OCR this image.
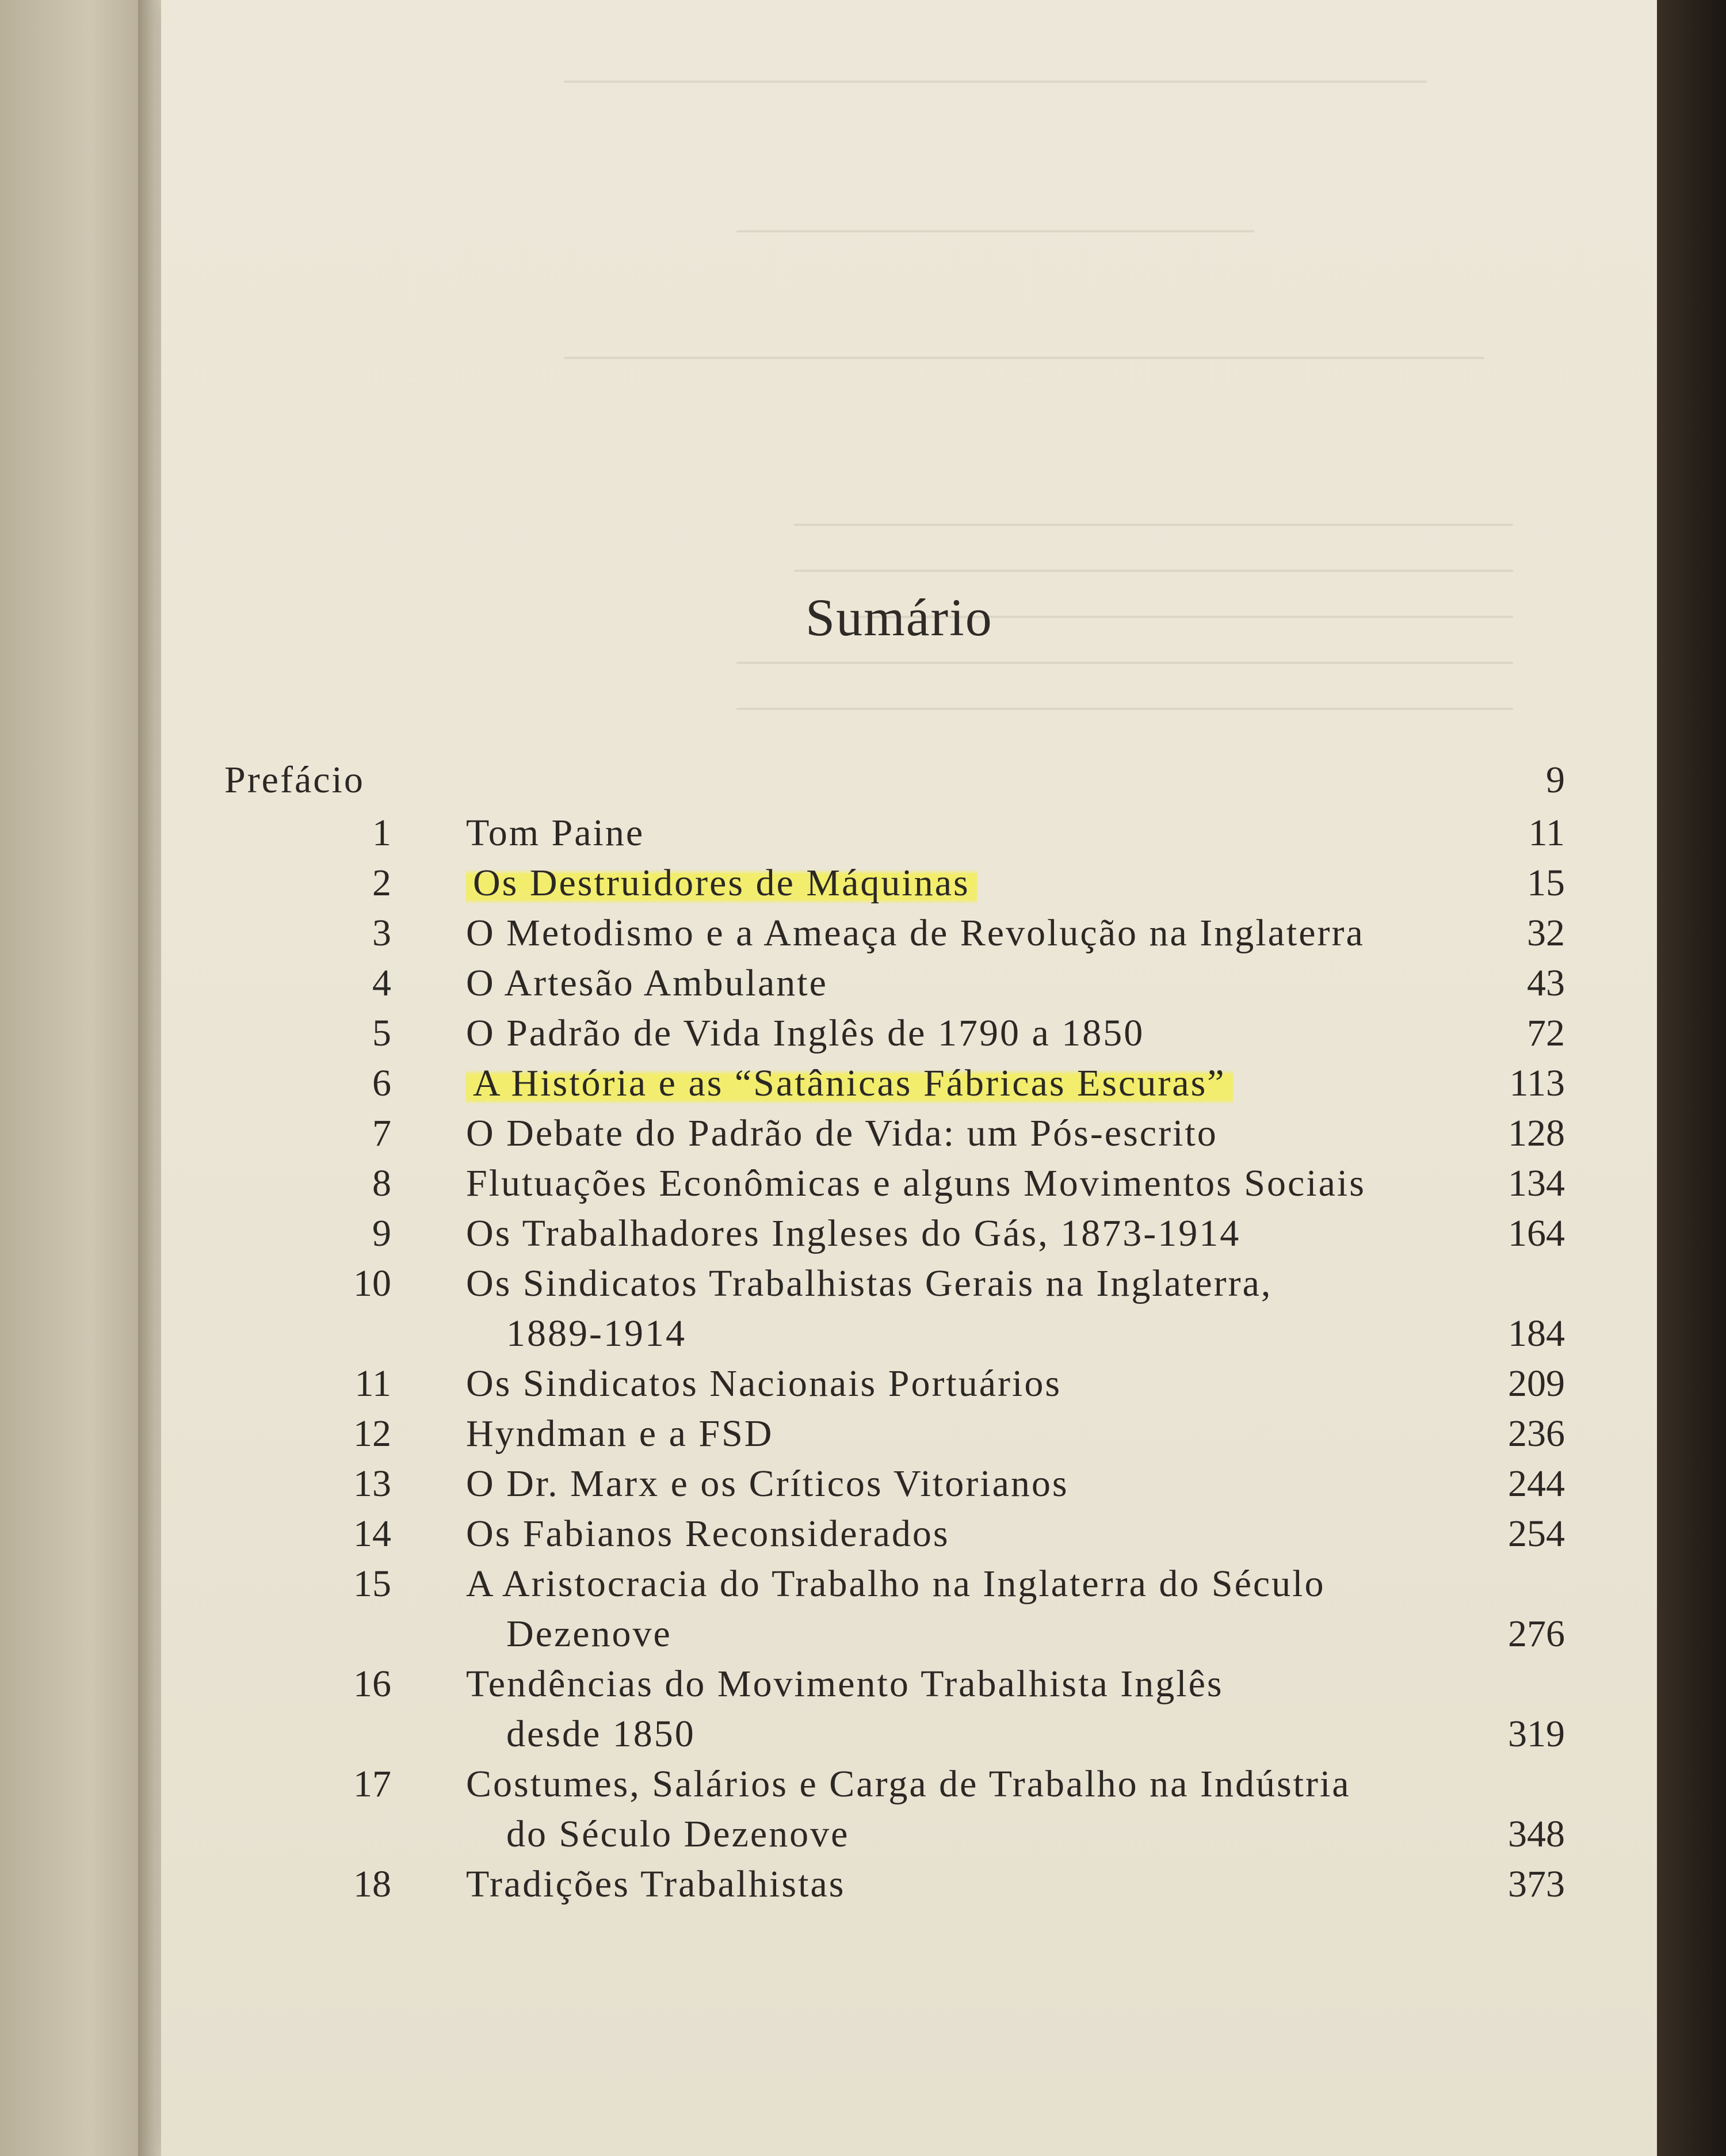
Sumário
Prefácio	9
1 Tom Paine	11
2 Os Destruidores de Máquinas	15
3 O Metodismo e a Ameaça de Revolução na Inglaterra	32
4 O Artesão Ambulante	43
5 O Padrão de Vida Inglês de 1790 a 1850	72
6 A História e as “Satânicas Fábricas Escuras”	113
7 O Debate do Padrão de Vida: um Pós-escrito	128
8 Flutuações Econômicas e alguns Movimentos Sociais	134
9 Os Trabalhadores Ingleses do Gás, 1873-1914	164
10 Os Sindicatos Trabalhistas Gerais na Inglaterra,
1889-1914	184
11 Os Sindicatos Nacionais Portuários	209
12 Hyndman e a FSD	236
13 O Dr. Marx e os Críticos Vitorianos	244
14 Os Fabianos Reconsiderados	254
15 A Aristocracia do Trabalho na Inglaterra do Século
Dezenove	276
16 Tendências do Movimento Trabalhista Inglês
desde 1850	319
17 Costumes, Salários e Carga de Trabalho na Indústria
do Século Dezenove	348
18 Tradições Trabalhistas	373
